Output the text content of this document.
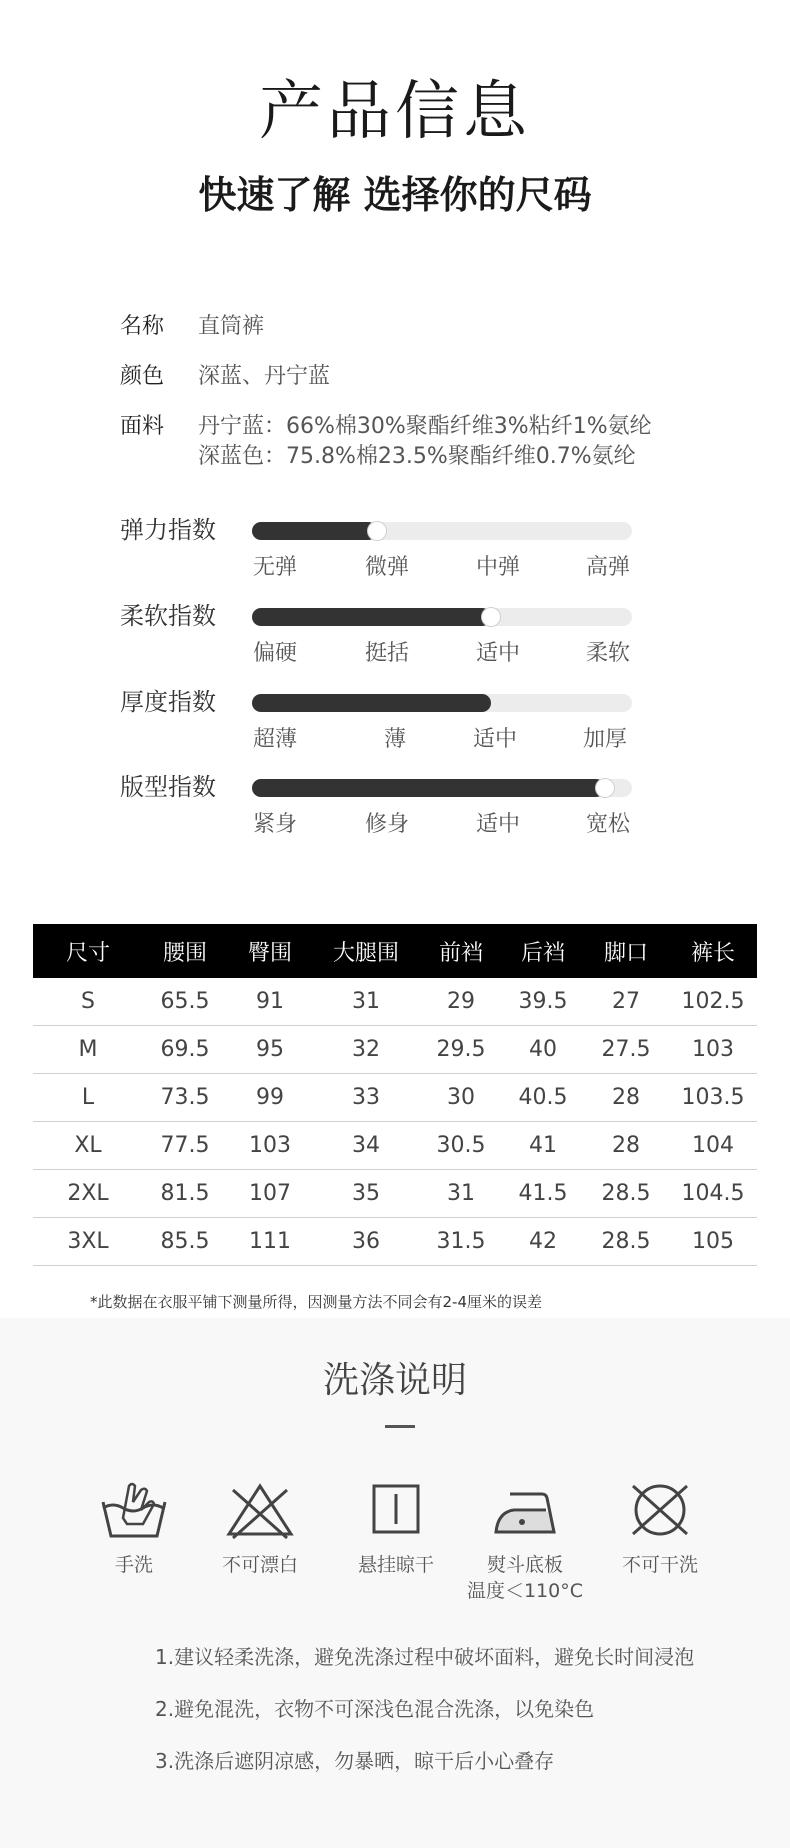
产品信息
快速了解 选择你的尺码
名称 直筒裤
颜色 深蓝、丹宁蓝
面料	丹宁蓝：66%棉30%聚酯纤维3%粘纤1%氨纶
深蓝色：75.8%棉23.5%聚酯纤维0.7%氨纶
弹力指数
无弹	微弹	中弹	高弹
柔软指数
偏硬	挺括	适中	柔软
厚度指数
超薄	薄	适中	加厚
版型指数
紧身	修身	适中	宽松
尺寸	腰围	臀围	大腿围	前裆	后裆	脚口	裤长
S	65.5	91	31	29	39.5	27	102.5
M	69.5	95	32	29.5	40	27.5	103
L	73.5	99	33	30	40.5	28	103.5
XL	77.5	103	34	30.5	41	28	104
2XL	81.5	107	35	31	41.5	28.5	104.5
3XL	85.5	111	36	31.5	42	28.5	105
*此数据在衣服平铺下测量所得，因测量方法不同会有2-4厘米的误差
洗涤说明
手洗	不可漂白	悬挂晾干	熨斗底板
温度＜110°C
不可干洗
1.建议轻柔洗涤，避免洗涤过程中破坏面料，避免长时间浸泡
2.避免混洗，衣物不可深浅色混合洗涤，以免染色
3.洗涤后遮阴凉感，勿暴晒，晾干后小心叠存
